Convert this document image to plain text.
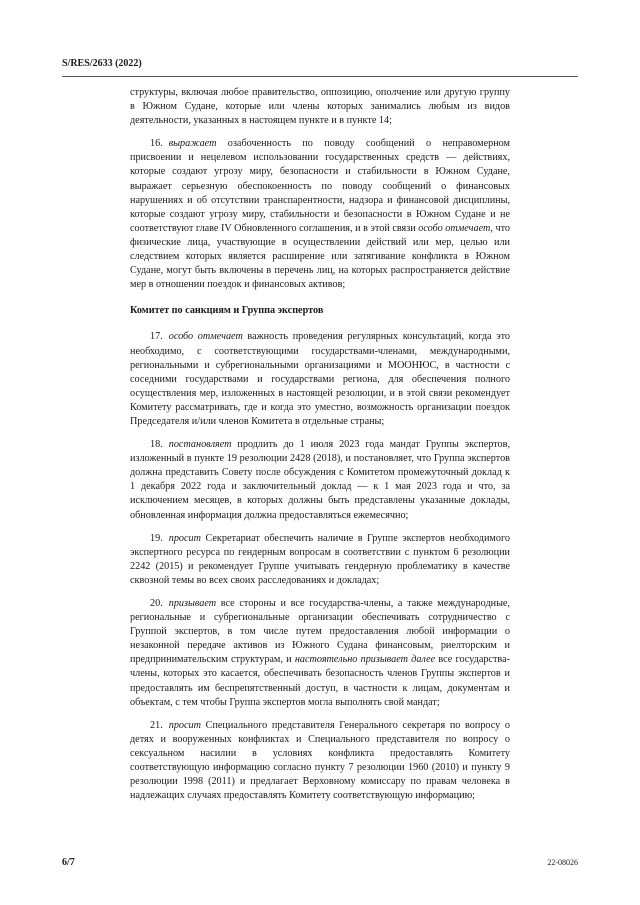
S/RES/2633 (2022)

структуры, включая любое правительство, оппозицию, ополчение или другую группу в Южном Судане, которые или члены которых занимались любым из видов деятельности, указанных в настоящем пункте и в пункте 14;

16. выражает озабоченность по поводу сообщений о неправомерном присвоении и нецелевом использовании государственных средств — действиях, которые создают угрозу миру, безопасности и стабильности в Южном Судане, выражает серьезную обеспокоенность по поводу сообщений о финансовых нарушениях и об отсутствии транспарентности, надзора и финансовой дисциплины, которые создают угрозу миру, стабильности и безопасности в Южном Судане и не соответствуют главе IV Обновленного соглашения, и в этой связи особо отмечает, что физические лица, участвующие в осуществлении действий или мер, целью или следствием которых является расширение или затягивание конфликта в Южном Судане, могут быть включены в перечень лиц, на которых распространяется действие мер в отношении поездок и финансовых активов;

Комитет по санкциям и Группа экспертов

17. особо отмечает важность проведения регулярных консультаций, когда это необходимо, с соответствующими государствами-членами, международными, региональными и субрегиональными организациями и МООНЮС, в частности с соседними государствами и государствами региона, для обеспечения полного осуществления мер, изложенных в настоящей резолюции, и в этой связи рекомендует Комитету рассматривать, где и когда это уместно, возможность организации поездок Председателя и/или членов Комитета в отдельные страны;

18. постановляет продлить до 1 июля 2023 года мандат Группы экспертов, изложенный в пункте 19 резолюции 2428 (2018), и постановляет, что Группа экспертов должна представить Совету после обсуждения с Комитетом промежуточный доклад к 1 декабря 2022 года и заключительный доклад — к 1 мая 2023 года и что, за исключением месяцев, в которых должны быть представлены указанные доклады, обновленная информация должна предоставляться ежемесячно;

19. просит Секретариат обеспечить наличие в Группе экспертов необходимого экспертного ресурса по гендерным вопросам в соответствии с пунктом 6 резолюции 2242 (2015) и рекомендует Группе учитывать гендерную проблематику в качестве сквозной темы во всех своих расследованиях и докладах;

20. призывает все стороны и все государства-члены, а также международные, региональные и субрегиональные организации обеспечивать сотрудничество с Группой экспертов, в том числе путем предоставления любой информации о незаконной передаче активов из Южного Судана финансовым, риелторским и предпринимательским структурам, и настоятельно призывает далее все государства-члены, которых это касается, обеспечивать безопасность членов Группы экспертов и предоставлять им беспрепятственный доступ, в частности к лицам, документам и объектам, с тем чтобы Группа экспертов могла выполнять свой мандат;

21. просит Специального представителя Генерального секретаря по вопросу о детях и вооруженных конфликтах и Специального представителя по вопросу о сексуальном насилии в условиях конфликта предоставлять Комитету соответствующую информацию согласно пункту 7 резолюции 1960 (2010) и пункту 9 резолюции 1998 (2011) и предлагает Верховному комиссару по правам человека в надлежащих случаях предоставлять Комитету соответствующую информацию;

6/7	22-08026
